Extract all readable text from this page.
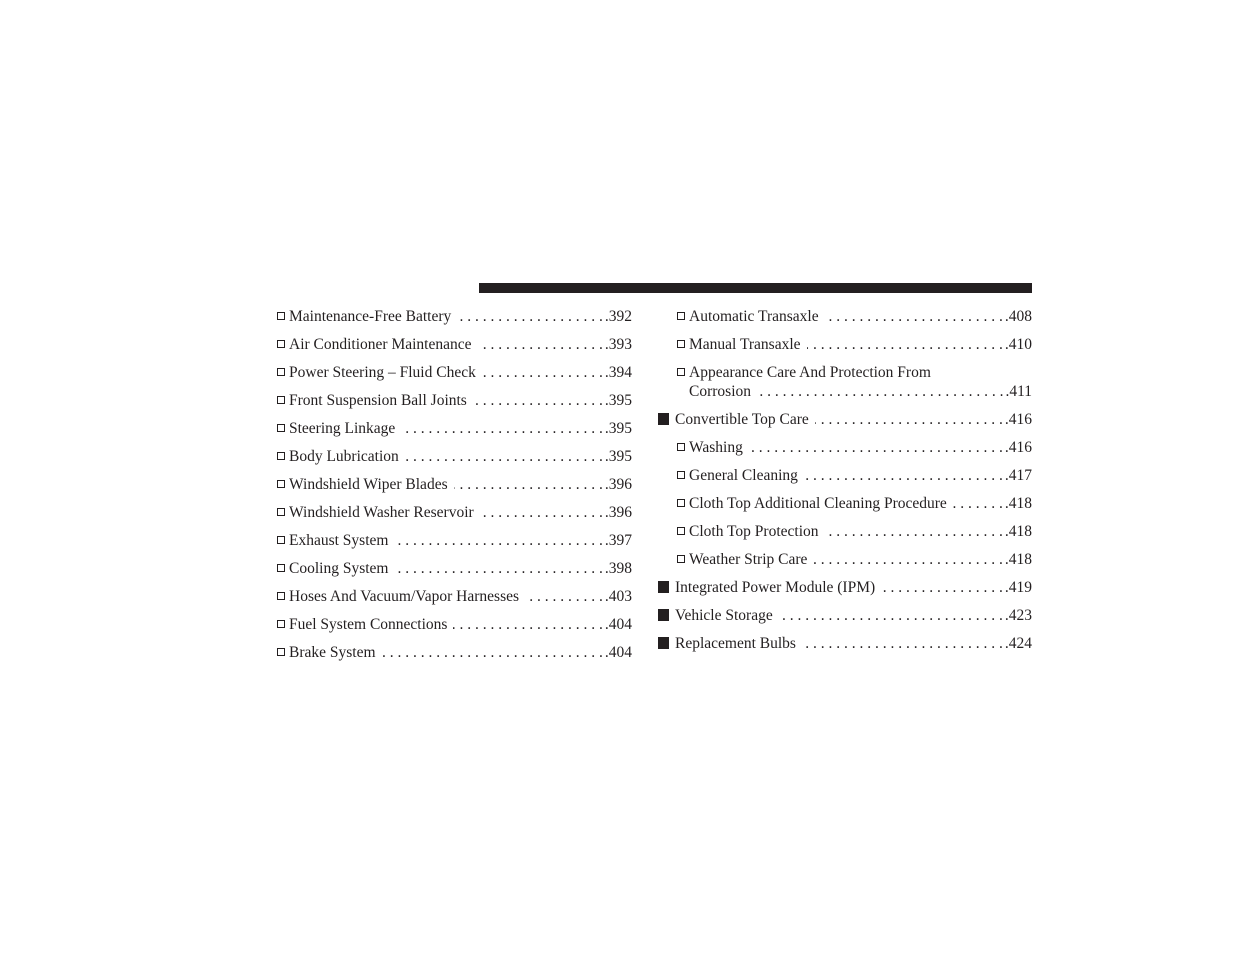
Maintenance-Free Battery . . .	.392
Air Conditioner Maintenance . . .	.393
Power Steering – Fluid Check . . .	.394
Front Suspension Ball Joints . . .	.395
Steering Linkage . . .	.395
Body Lubrication . . .	.395
Windshield Wiper Blades . . .	.396
Windshield Washer Reservoir . . .	.396
Exhaust System . . .	.397
Cooling System . . .	.398
Hoses And Vacuum/Vapor Harnesses . . .	.403
Fuel System Connections . . .	.404
Brake System . . .	.404
Automatic Transaxle . . .	.408
Manual Transaxle . . .	.410
Appearance Care And Protection From
Corrosion . . .	.411
Convertible Top Care . . .	.416
Washing . . .	.416
General Cleaning . . .	.417
Cloth Top Additional Cleaning Procedure . . .	.418
Cloth Top Protection . . .	.418
Weather Strip Care . . .	.418
Integrated Power Module (IPM) . . .	.419
Vehicle Storage . . .	.423
Replacement Bulbs . . .	.424
